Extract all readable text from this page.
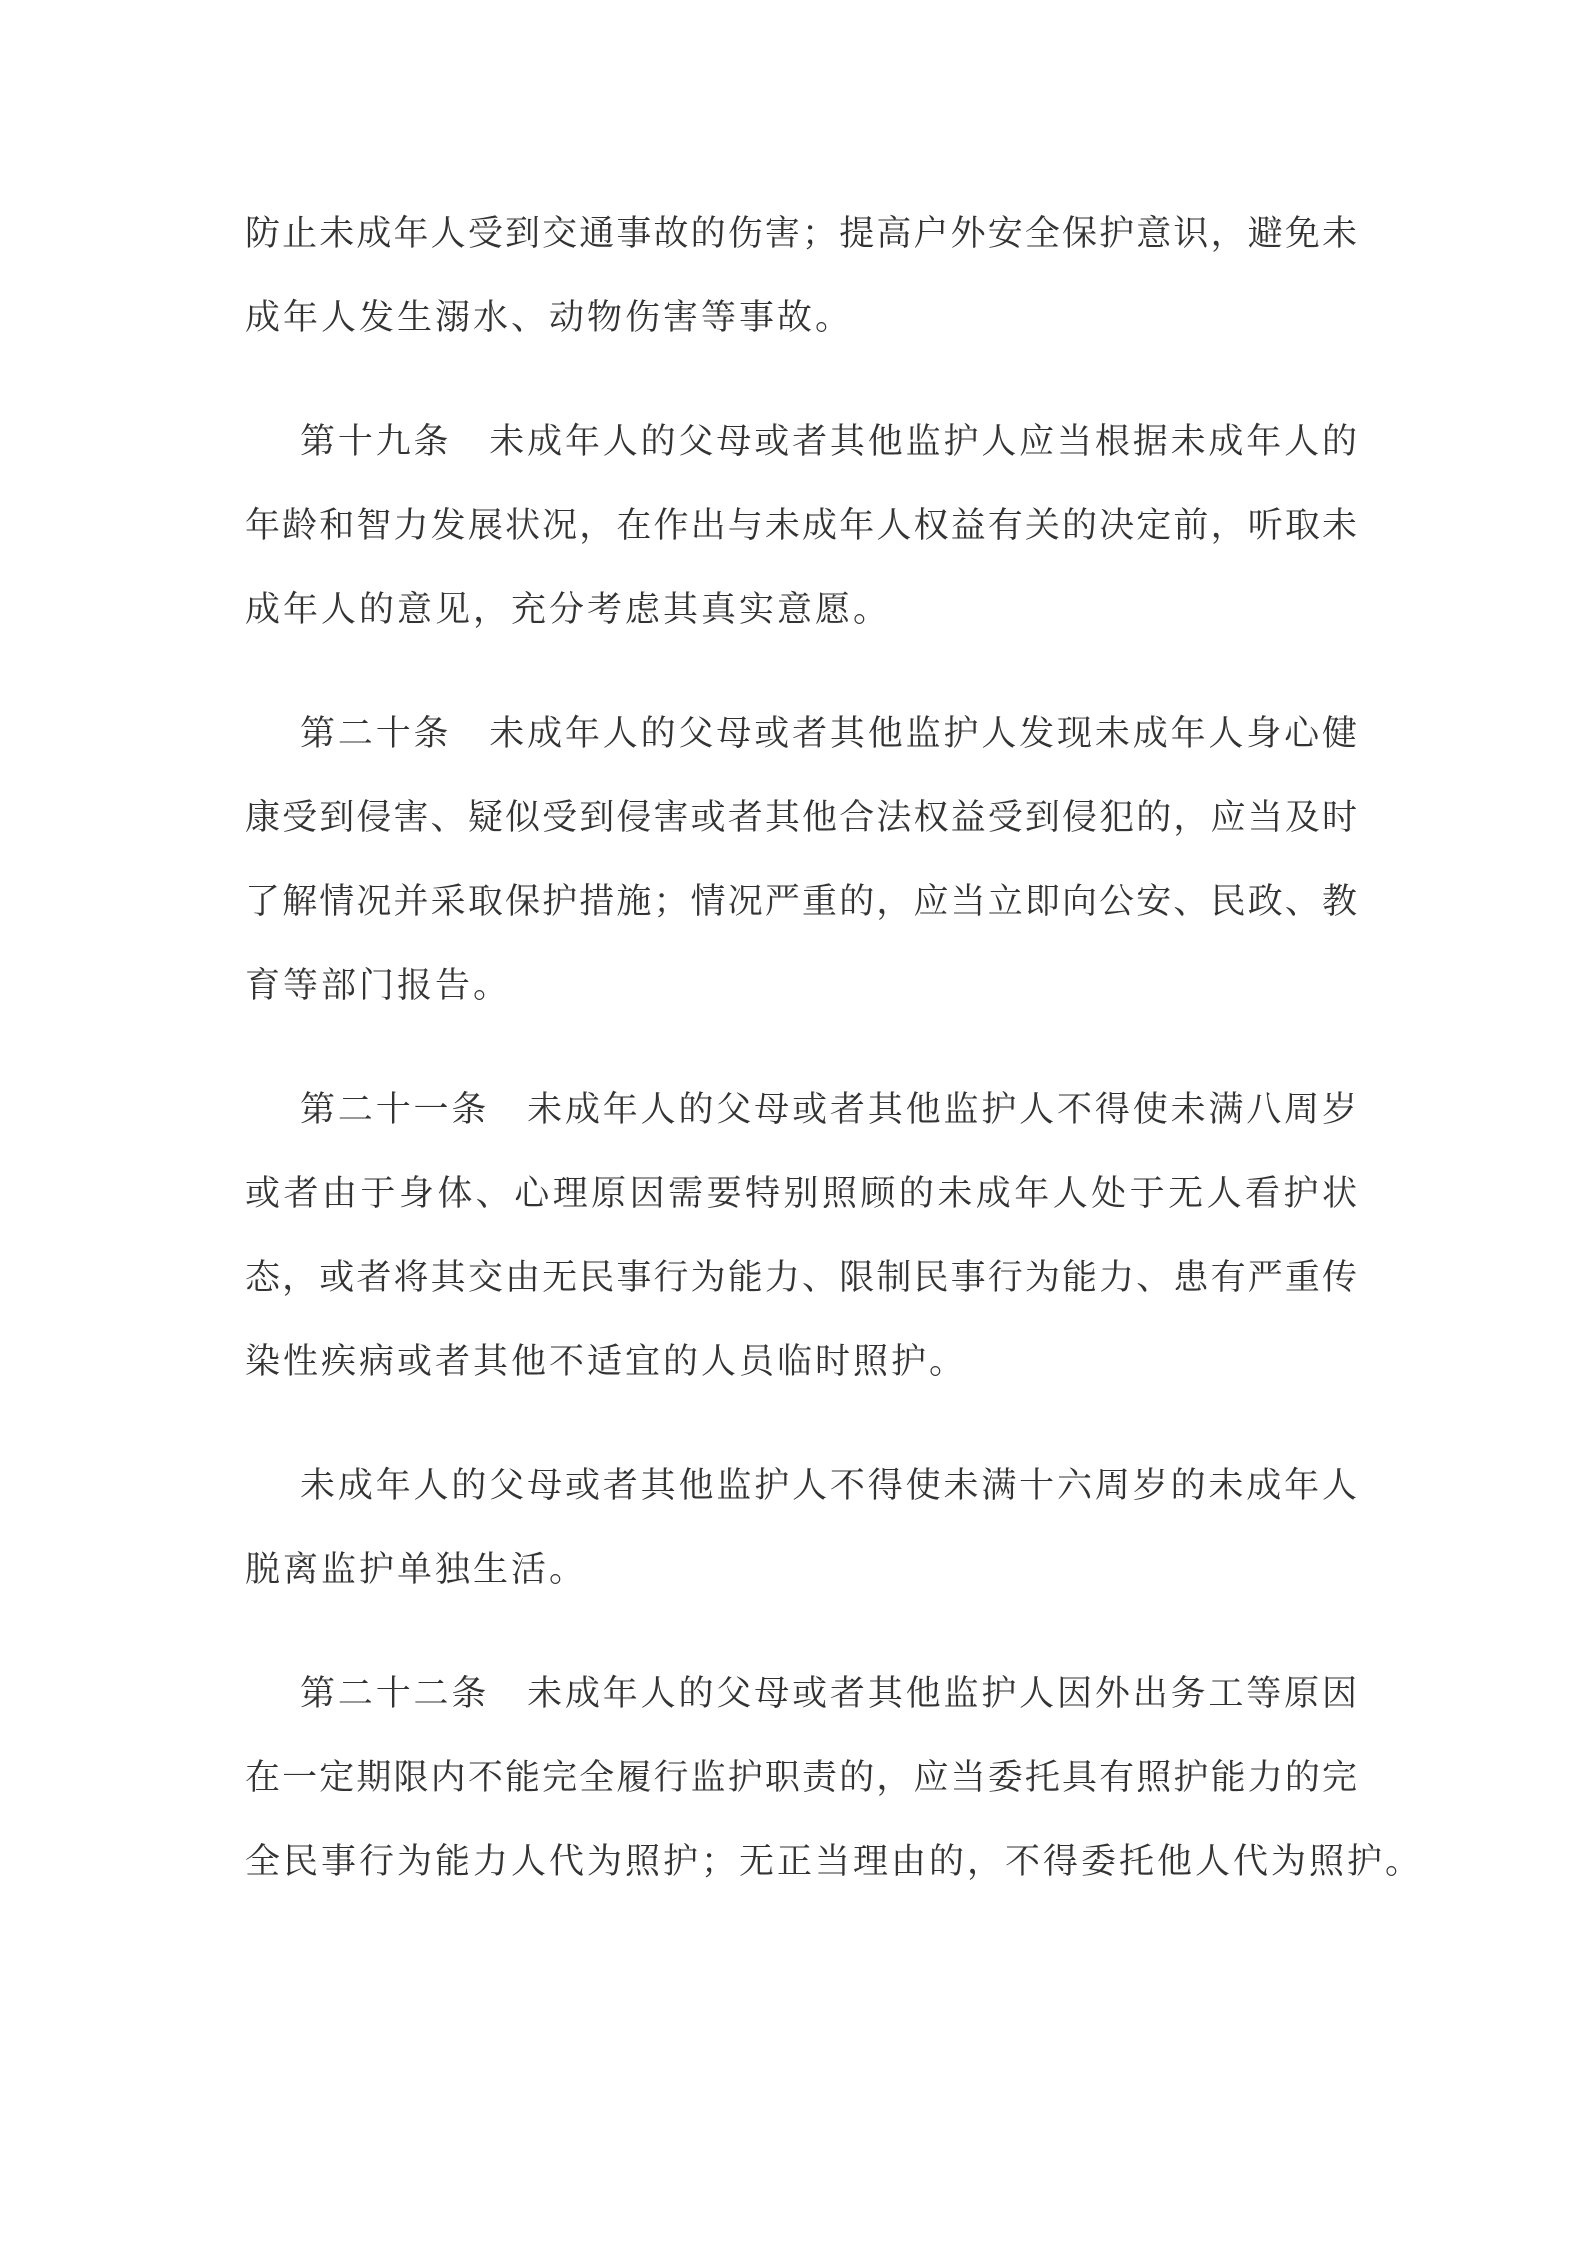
防止未成年人受到交通事故的伤害；提高户外安全保护意识，避免未
成年人发生溺水、动物伤害等事故。
第十九条　未成年人的父母或者其他监护人应当根据未成年人的
年龄和智力发展状况，在作出与未成年人权益有关的决定前，听取未
成年人的意见，充分考虑其真实意愿。
第二十条　未成年人的父母或者其他监护人发现未成年人身心健
康受到侵害、疑似受到侵害或者其他合法权益受到侵犯的，应当及时
了解情况并采取保护措施；情况严重的，应当立即向公安、民政、教
育等部门报告。
第二十一条　未成年人的父母或者其他监护人不得使未满八周岁
或者由于身体、心理原因需要特别照顾的未成年人处于无人看护状
态，或者将其交由无民事行为能力、限制民事行为能力、患有严重传
染性疾病或者其他不适宜的人员临时照护。
未成年人的父母或者其他监护人不得使未满十六周岁的未成年人
脱离监护单独生活。
第二十二条　未成年人的父母或者其他监护人因外出务工等原因
在一定期限内不能完全履行监护职责的，应当委托具有照护能力的完
全民事行为能力人代为照护；无正当理由的，不得委托他人代为照护。
